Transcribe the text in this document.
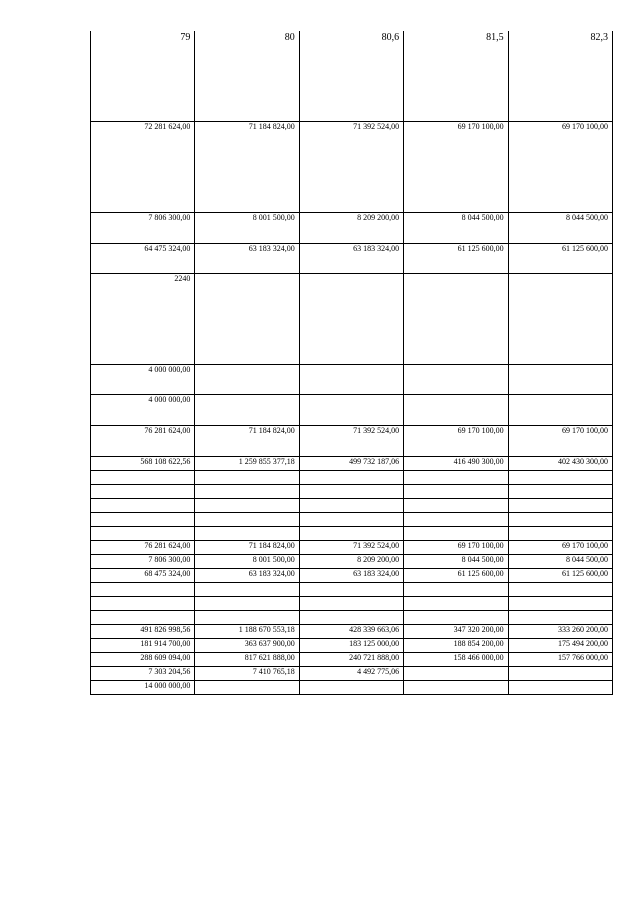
79	80	80,6	81,5	82,3
72 281 624,00	71 184 824,00	71 392 524,00	69 170 100,00	69 170 100,00
7 806 300,00	8 001 500,00	8 209 200,00	8 044 500,00	8 044 500,00
64 475 324,00	63 183 324,00	63 183 324,00	61 125 600,00	61 125 600,00
2240				
4 000 000,00				
4 000 000,00				
76 281 624,00	71 184 824,00	71 392 524,00	69 170 100,00	69 170 100,00
568 108 622,56	1 259 855 377,18	499 732 187,06	416 490 300,00	402 430 300,00

76 281 624,00	71 184 824,00	71 392 524,00	69 170 100,00	69 170 100,00
7 806 300,00	8 001 500,00	8 209 200,00	8 044 500,00	8 044 500,00
68 475 324,00	63 183 324,00	63 183 324,00	61 125 600,00	61 125 600,00

491 826 998,56	1 188 670 553,18	428 339 663,06	347 320 200,00	333 260 200,00
181 914 700,00	363 637 900,00	183 125 000,00	188 854 200,00	175 494 200,00
288 609 094,00	817 621 888,00	240 721 888,00	158 466 000,00	157 766 000,00
7 303 204,56	7 410 765,18	4 492 775,06		
14 000 000,00				
